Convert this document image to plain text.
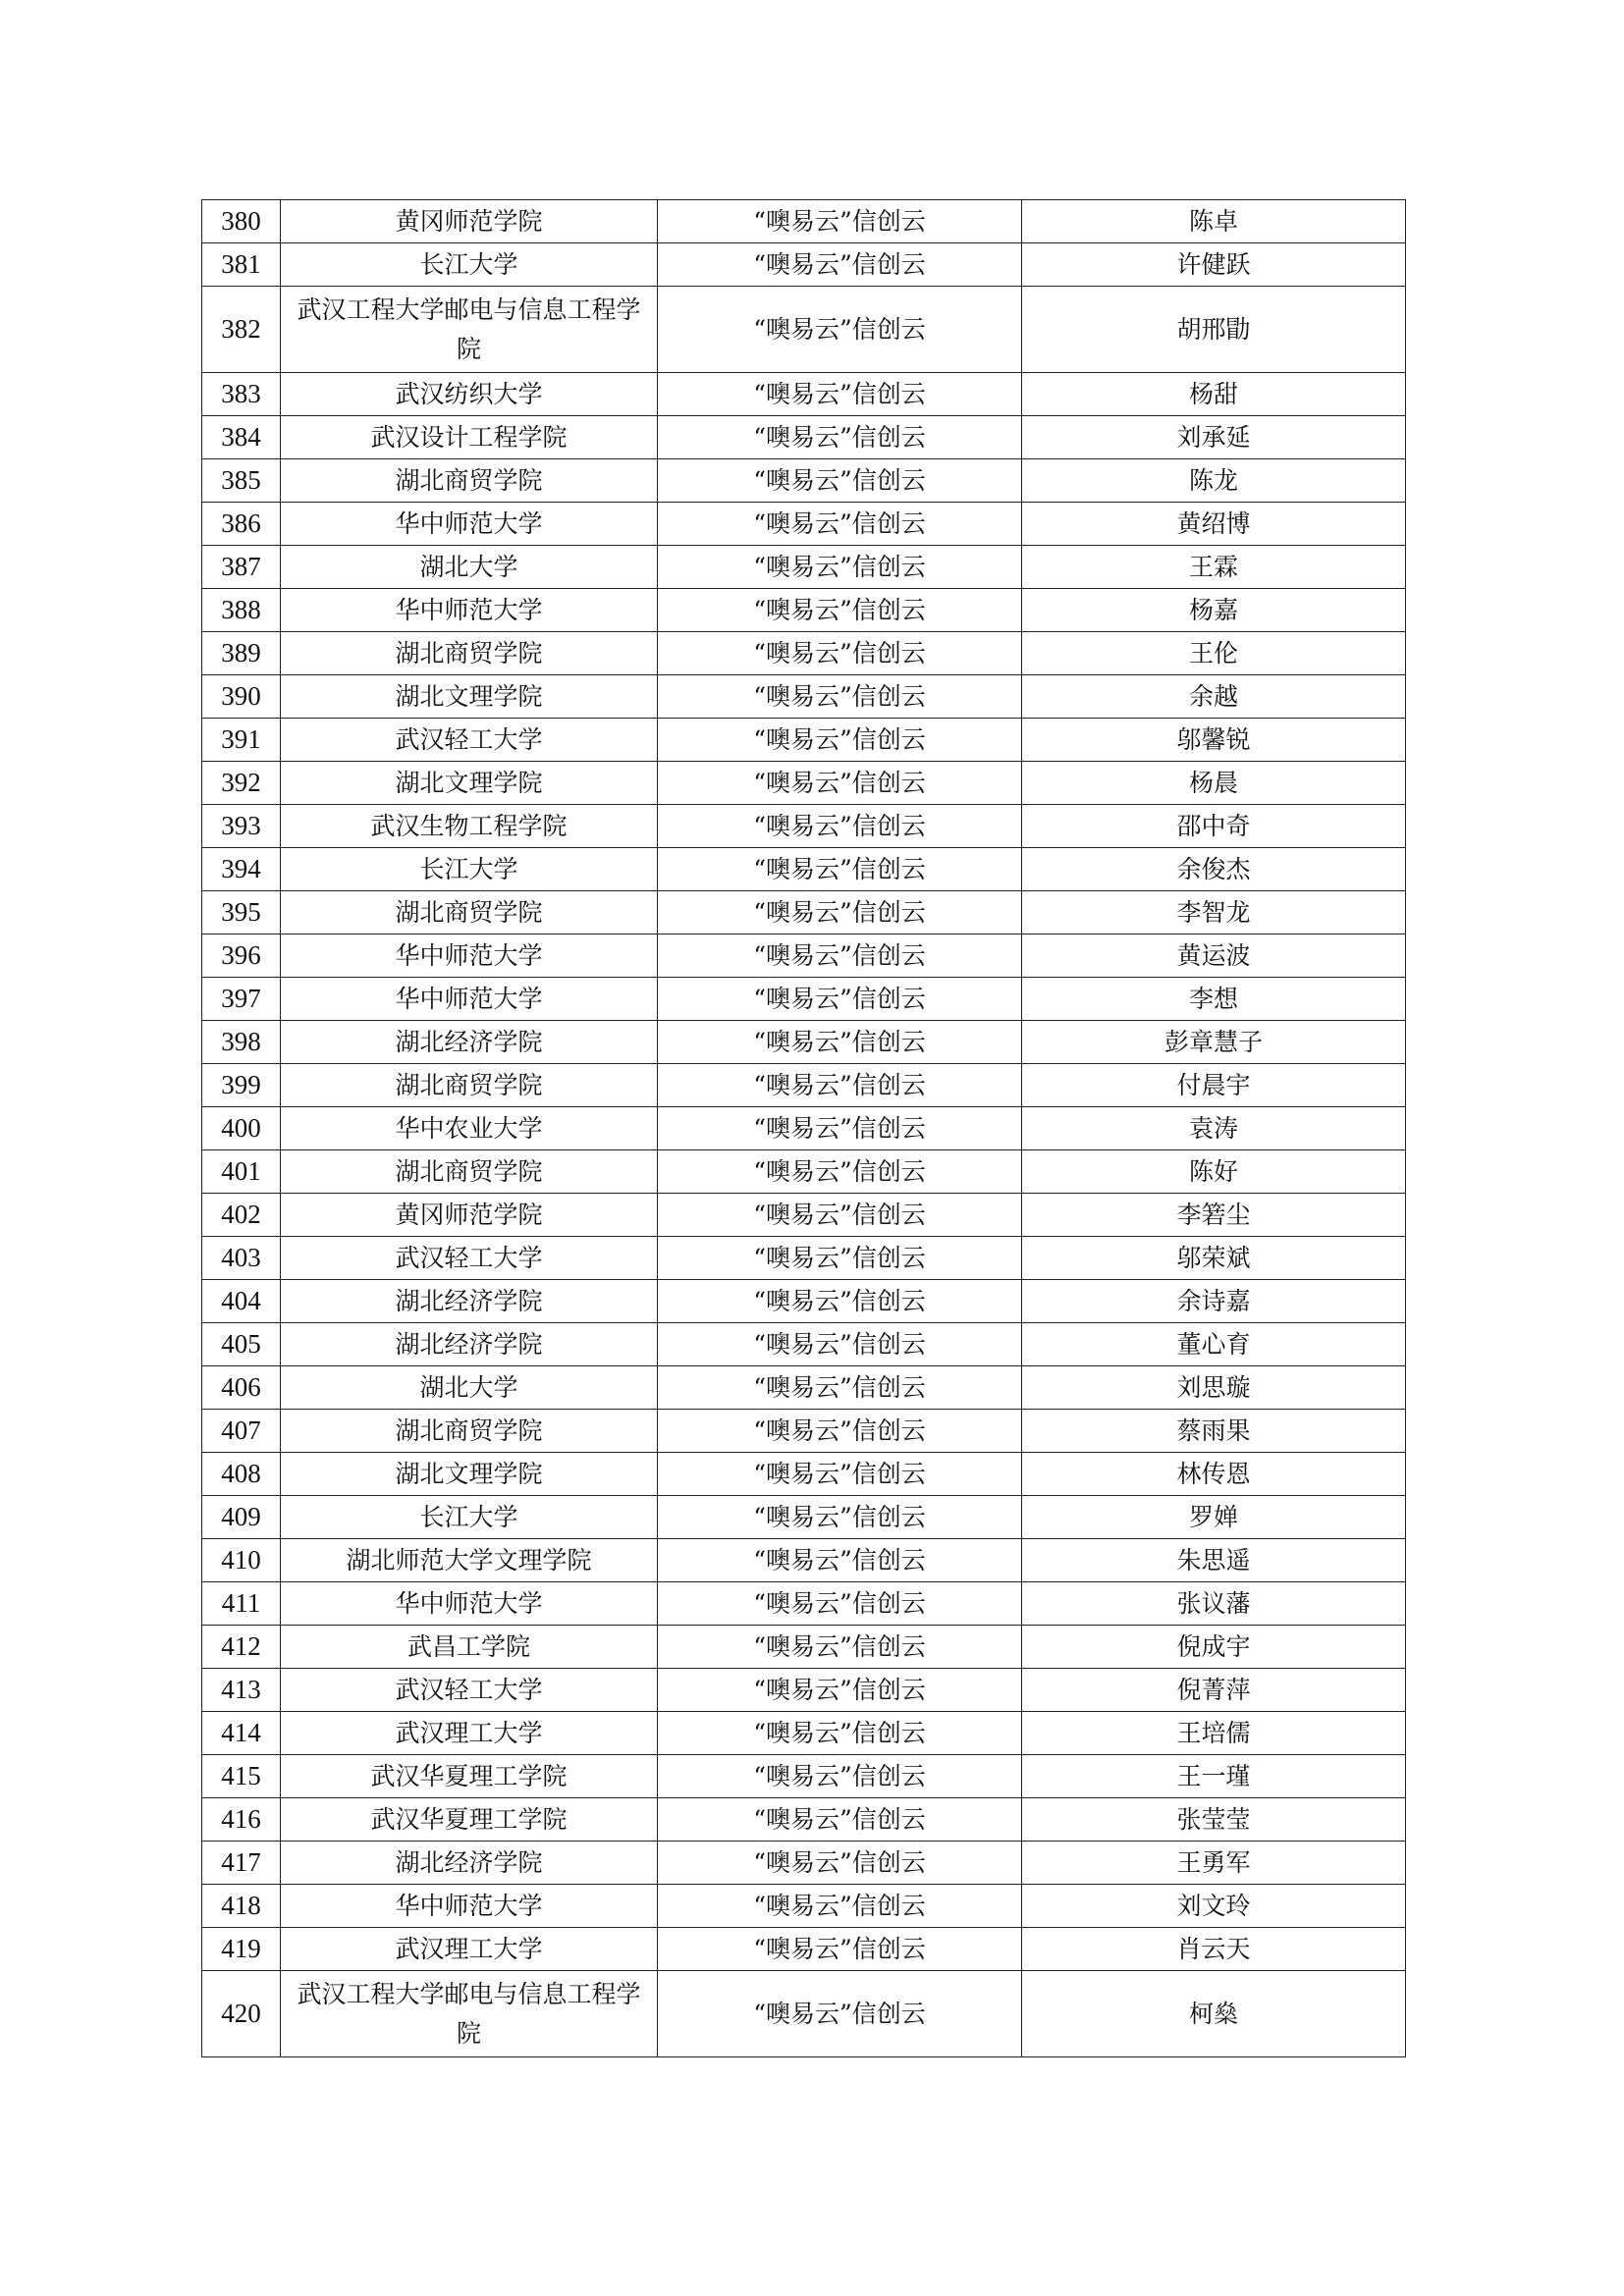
380	黄冈师范学院	“噢易云”信创云	陈卓
381	长江大学	“噢易云”信创云	许健跃
382	武汉工程大学邮电与信息工程学院	“噢易云”信创云	胡邢勖
383	武汉纺织大学	“噢易云”信创云	杨甜
384	武汉设计工程学院	“噢易云”信创云	刘承延
385	湖北商贸学院	“噢易云”信创云	陈龙
386	华中师范大学	“噢易云”信创云	黄绍博
387	湖北大学	“噢易云”信创云	王霖
388	华中师范大学	“噢易云”信创云	杨嘉
389	湖北商贸学院	“噢易云”信创云	王伦
390	湖北文理学院	“噢易云”信创云	余越
391	武汉轻工大学	“噢易云”信创云	邬馨锐
392	湖北文理学院	“噢易云”信创云	杨晨
393	武汉生物工程学院	“噢易云”信创云	邵中奇
394	长江大学	“噢易云”信创云	余俊杰
395	湖北商贸学院	“噢易云”信创云	李智龙
396	华中师范大学	“噢易云”信创云	黄运波
397	华中师范大学	“噢易云”信创云	李想
398	湖北经济学院	“噢易云”信创云	彭章慧子
399	湖北商贸学院	“噢易云”信创云	付晨宇
400	华中农业大学	“噢易云”信创云	袁涛
401	湖北商贸学院	“噢易云”信创云	陈好
402	黄冈师范学院	“噢易云”信创云	李箬尘
403	武汉轻工大学	“噢易云”信创云	邬荣斌
404	湖北经济学院	“噢易云”信创云	余诗嘉
405	湖北经济学院	“噢易云”信创云	董心育
406	湖北大学	“噢易云”信创云	刘思璇
407	湖北商贸学院	“噢易云”信创云	蔡雨果
408	湖北文理学院	“噢易云”信创云	林传恩
409	长江大学	“噢易云”信创云	罗婵
410	湖北师范大学文理学院	“噢易云”信创云	朱思遥
411	华中师范大学	“噢易云”信创云	张议藩
412	武昌工学院	“噢易云”信创云	倪成宇
413	武汉轻工大学	“噢易云”信创云	倪菁萍
414	武汉理工大学	“噢易云”信创云	王培儒
415	武汉华夏理工学院	“噢易云”信创云	王一瑾
416	武汉华夏理工学院	“噢易云”信创云	张莹莹
417	湖北经济学院	“噢易云”信创云	王勇军
418	华中师范大学	“噢易云”信创云	刘文玲
419	武汉理工大学	“噢易云”信创云	肖云天
420	武汉工程大学邮电与信息工程学院	“噢易云”信创云	柯燊
